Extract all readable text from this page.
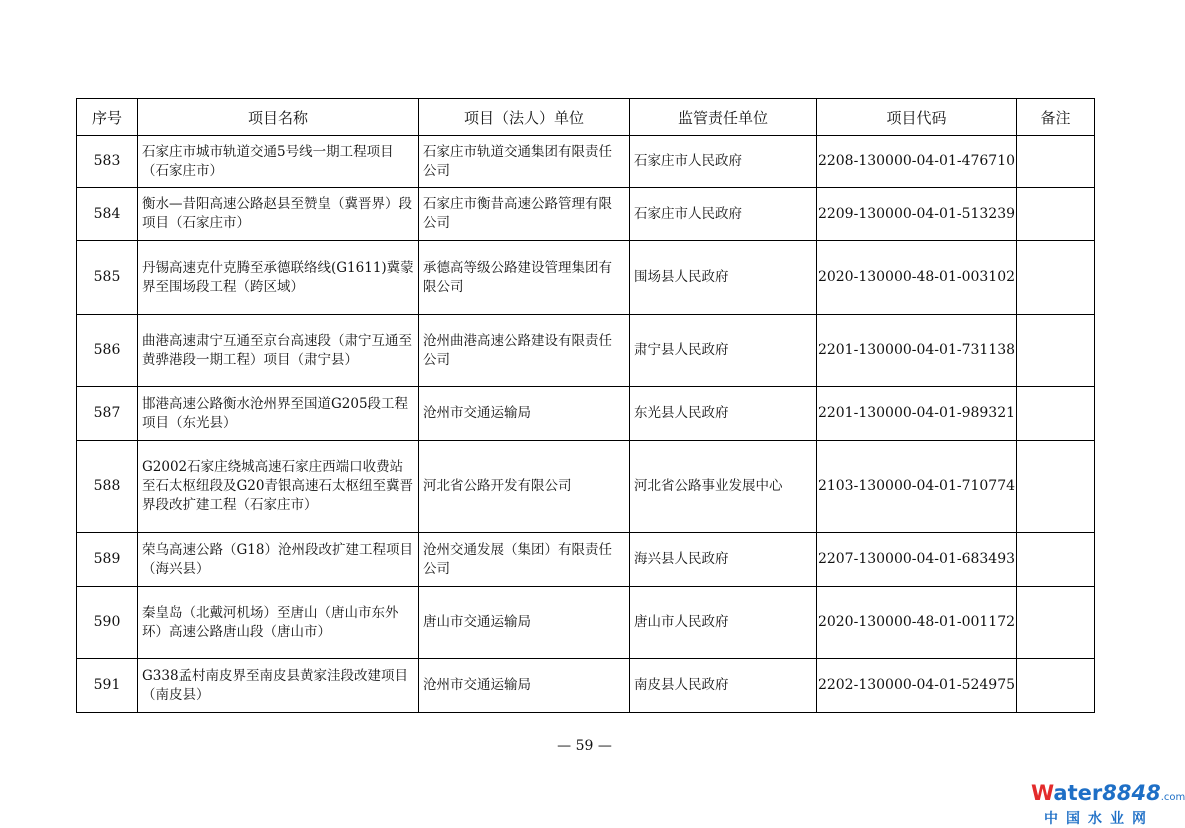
序号	项目名称	项目（法人）单位	监管责任单位	项目代码	备注
583	石家庄市城市轨道交通5号线一期工程项目（石家庄市）	石家庄市轨道交通集团有限责任公司	石家庄市人民政府	2208-130000-04-01-476710	
584	衡水—昔阳高速公路赵县至赞皇（冀晋界）段项目（石家庄市）	石家庄市衡昔高速公路管理有限公司	石家庄市人民政府	2209-130000-04-01-513239	
585	丹锡高速克什克腾至承德联络线(G1611)冀蒙界至围场段工程（跨区域）	承德高等级公路建设管理集团有限公司	围场县人民政府	2020-130000-48-01-003102	
586	曲港高速肃宁互通至京台高速段（肃宁互通至黄骅港段一期工程）项目（肃宁县）	沧州曲港高速公路建设有限责任公司	肃宁县人民政府	2201-130000-04-01-731138	
587	邯港高速公路衡水沧州界至国道G205段工程项目（东光县）	沧州市交通运输局	东光县人民政府	2201-130000-04-01-989321	
588	G2002石家庄绕城高速石家庄西端口收费站至石太枢纽段及G20青银高速石太枢纽至冀晋界段改扩建工程（石家庄市）	河北省公路开发有限公司	河北省公路事业发展中心	2103-130000-04-01-710774	
589	荣乌高速公路（G18）沧州段改扩建工程项目（海兴县）	沧州交通发展（集团）有限责任公司	海兴县人民政府	2207-130000-04-01-683493	
590	秦皇岛（北戴河机场）至唐山（唐山市东外环）高速公路唐山段（唐山市）	唐山市交通运输局	唐山市人民政府	2020-130000-48-01-001172	
591	G338孟村南皮界至南皮县黄家洼段改建项目（南皮县）	沧州市交通运输局	南皮县人民政府	2202-130000-04-01-524975	
— 59 —
Water8848.com
中国水业网
